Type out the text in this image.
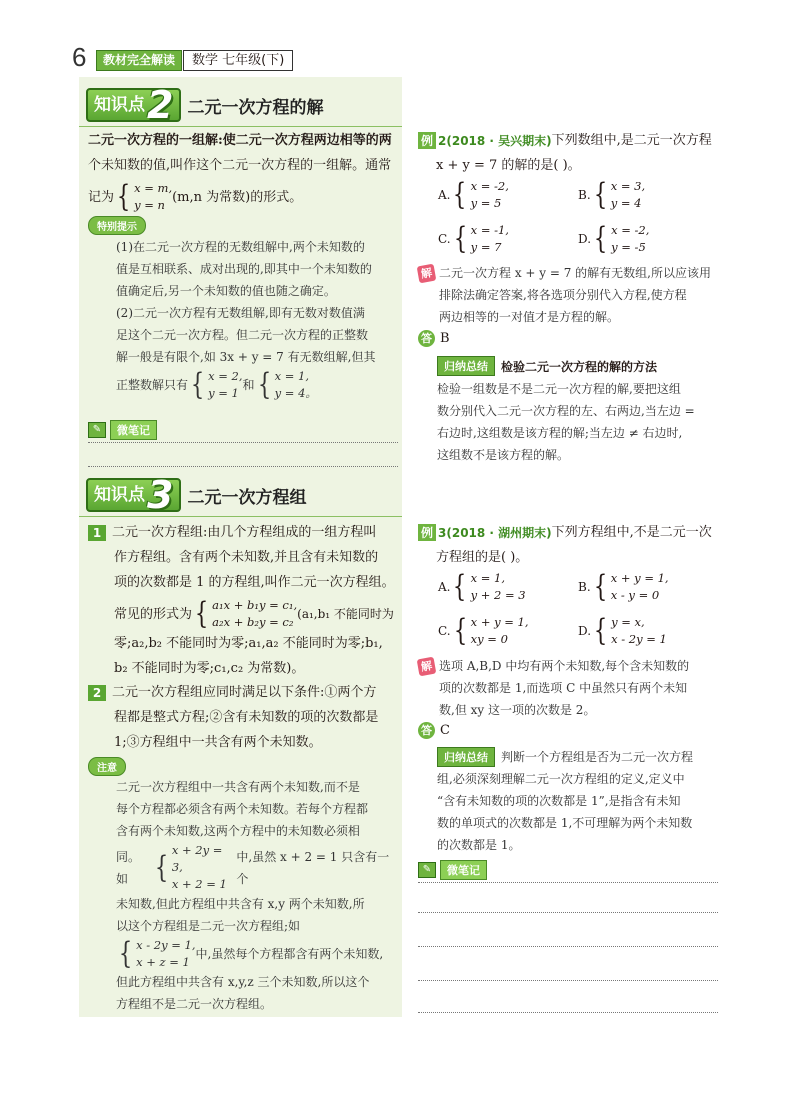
6	教材完全解读	数学 七年级(下)
知识点 2 二元一次方程的解
二元一次方程的一组解:使二元一次方程两边相等的两
个未知数的值,叫作这个二元一次方程的一组解。通常
记为 { x = m,
y = n
(m,n 为常数)的形式。
特别提示
(1)在二元一次方程的无数组解中,两个未知数的
值是互相联系、成对出现的,即其中一个未知数的
值确定后,另一个未知数的值也随之确定。
(2)二元一次方程有无数组解,即有无数对数值满
足这个二元一次方程。但二元一次方程的正整数
解一般是有限个,如 3x + y = 7 有无数组解,但其
正整数解只有 { x = 2,
y = 1
和 { x = 1,
y = 4。
✎	微笔记
例 2 (2018 · 吴兴期末) 下列数组中,是二元一次方程
x + y = 7 的解的是( )。
A. { x = -2,
y = 5
B. { x = 3,
y = 4
C. { x = -1,
y = 7
D. { x = -2,
y = -5
解 二元一次方程 x + y = 7 的解有无数组,所以应该用
排除法确定答案,将各选项分别代入方程,使方程
两边相等的一对值才是方程的解。
答 B
归纳总结	检验二元一次方程的解的方法
检验一组数是不是二元一次方程的解,要把这组
数分别代入二元一次方程的左、右两边,当左边 =
右边时,这组数是该方程的解;当左边 ≠ 右边时,
这组数不是该方程的解。
知识点 3 二元一次方程组
1 二元一次方程组:由几个方程组成的一组方程叫
作方程组。含有两个未知数,并且含有未知数的
项的次数都是 1 的方程组,叫作二元一次方程组。
常见的形式为 { a₁x + b₁y = c₁,
a₂x + b₂y = c₂
(a₁,b₁ 不能同时为
零;a₂,b₂ 不能同时为零;a₁,a₂ 不能同时为零;b₁,
b₂ 不能同时为零;c₁,c₂ 为常数)。
2 二元一次方程组应同时满足以下条件:①两个方
程都是整式方程;②含有未知数的项的次数都是
1;③方程组中一共含有两个未知数。
注意
二元一次方程组中一共含有两个未知数,而不是
每个方程都必须含有两个未知数。若每个方程都
含有两个未知数,这两个方程中的未知数必须相
同。如 { x + 2y = 3,
x + 2 = 1
中,虽然 x + 2 = 1 只含有一个
未知数,但此方程组中共含有 x,y 两个未知数,所
以这个方程组是二元一次方程组;如
{ x - 2y = 1,
x + z = 1
中,虽然每个方程都含有两个未知数,
但此方程组中共含有 x,y,z 三个未知数,所以这个
方程组不是二元一次方程组。
例 3 (2018 · 湖州期末) 下列方程组中,不是二元一次
方程组的是( )。
A. { x = 1,
y + 2 = 3
B. { x + y = 1,
x - y = 0
C. { x + y = 1,
xy = 0
D. { y = x,
x - 2y = 1
解 选项 A,B,D 中均有两个未知数,每个含未知数的
项的次数都是 1,而选项 C 中虽然只有两个未知
数,但 xy 这一项的次数是 2。
答 C
归纳总结	判断一个方程组是否为二元一次方程
组,必须深刻理解二元一次方程组的定义,定义中
“含有未知数的项的次数都是 1”,是指含有未知
数的单项式的次数都是 1,不可理解为两个未知数
的次数都是 1。
✎	微笔记
